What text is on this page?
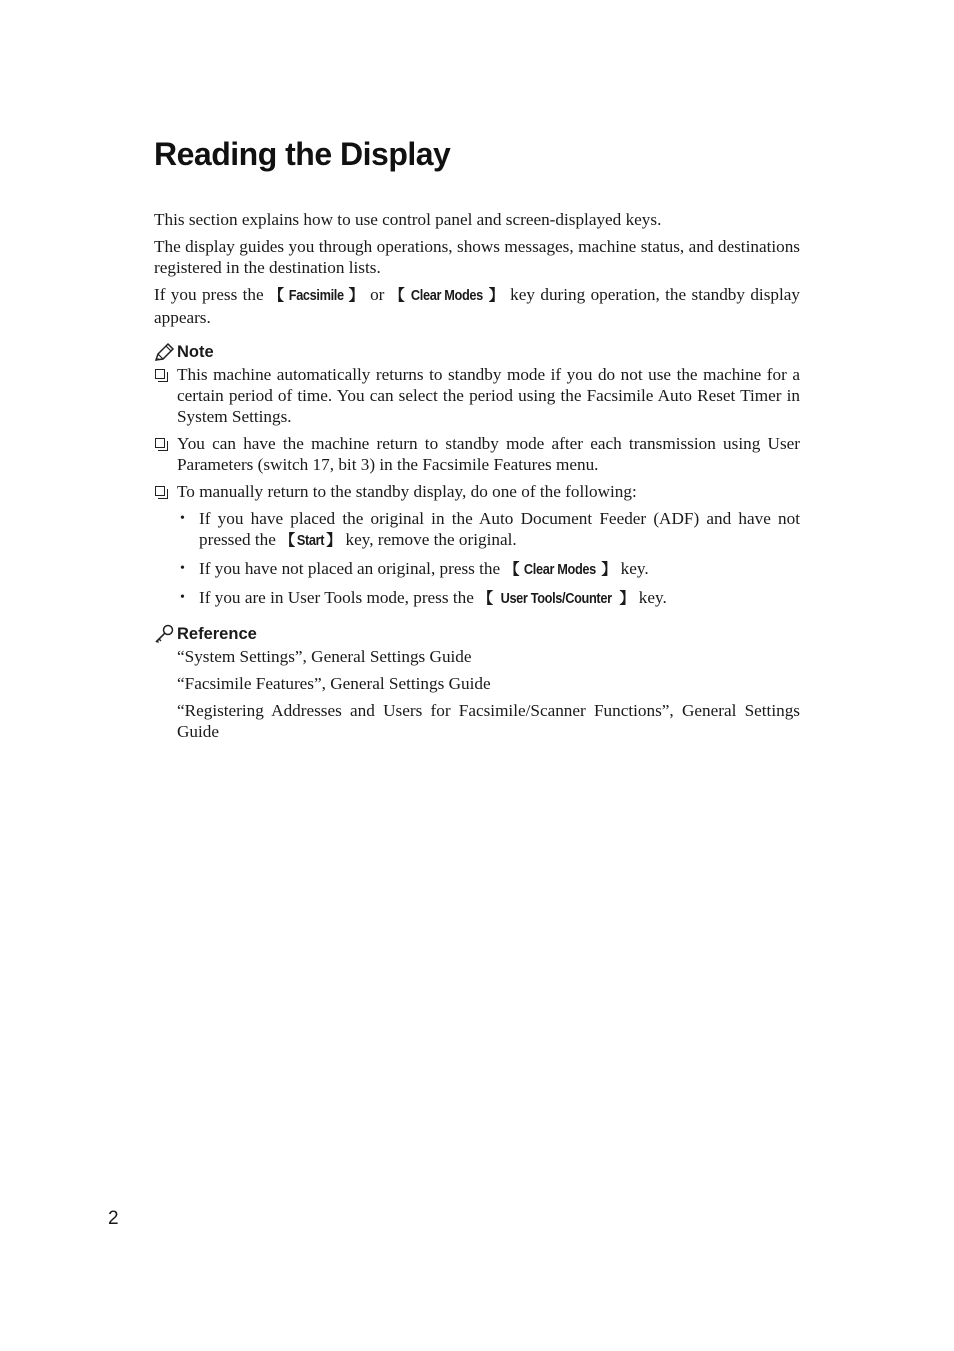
Reading the Display

This section explains how to use control panel and screen-displayed keys.

The display guides you through operations, shows messages, machine status, and destinations registered in the destination lists.

If you press the 【 Facsimile 】 or 【 Clear Modes 】 key during operation, the standby display appears.

Note
This machine automatically returns to standby mode if you do not use the machine for a certain period of time. You can select the period using the Facsimile Auto Reset Timer in System Settings.
You can have the machine return to standby mode after each transmission using User Parameters (switch 17, bit 3) in the Facsimile Features menu.
To manually return to the standby display, do one of the following:
• If you have placed the original in the Auto Document Feeder (ADF) and have not pressed the 【 Start 】 key, remove the original.
• If you have not placed an original, press the 【 Clear Modes 】 key.
• If you are in User Tools mode, press the 【 User Tools/Counter 】 key.
Reference
“System Settings”, General Settings Guide
“Facsimile Features”, General Settings Guide
“Registering Addresses and Users for Facsimile/Scanner Functions”, General Settings Guide
2
